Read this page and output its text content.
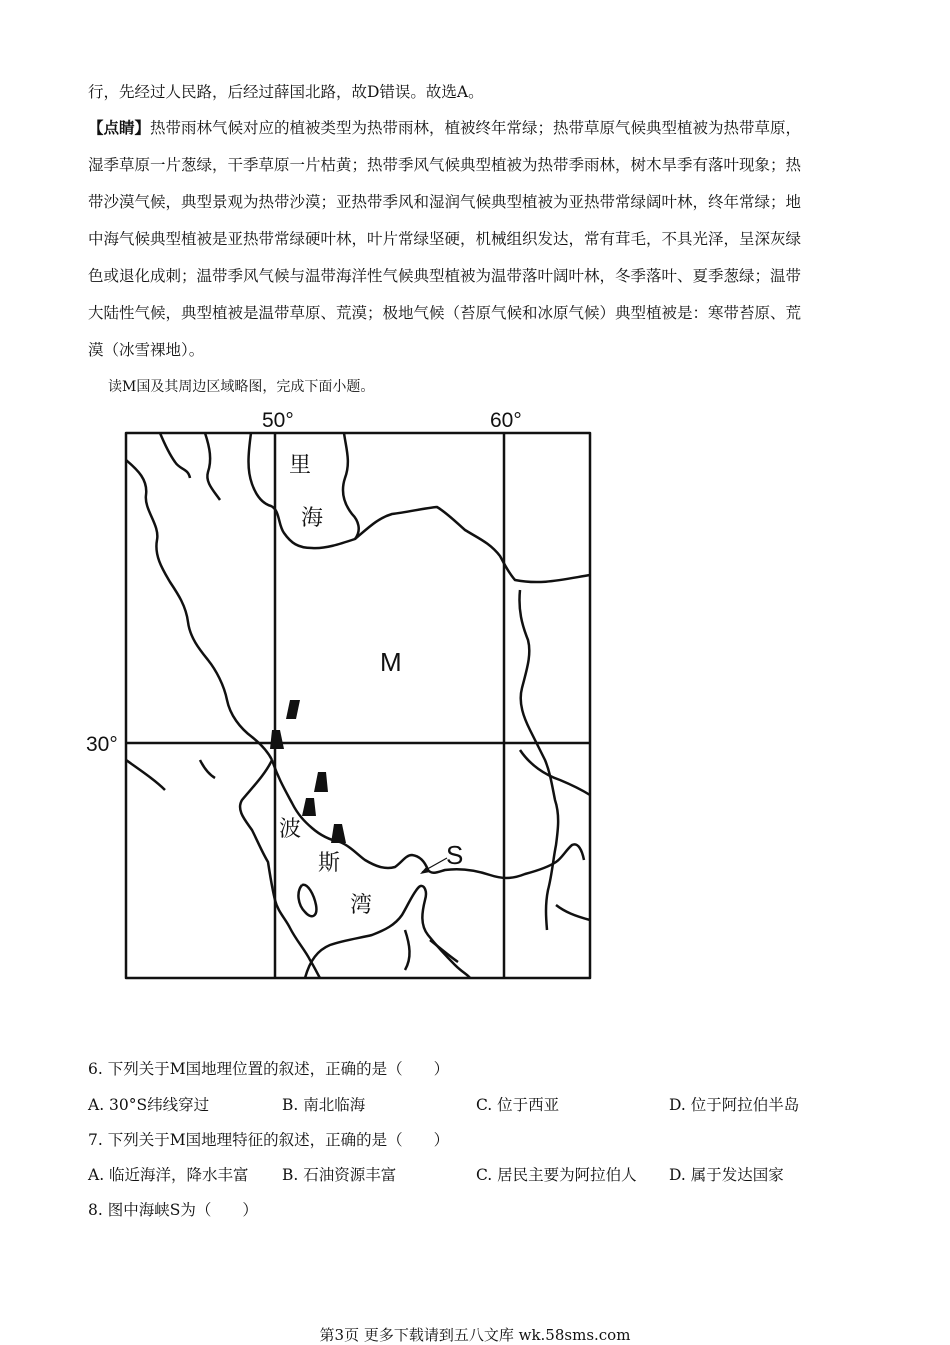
行，先经过人民路，后经过薛国北路，故D错误。故选A。
【点睛】热带雨林气候对应的植被类型为热带雨林，植被终年常绿；热带草原气候典型植被为热带草原，
湿季草原一片葱绿，干季草原一片枯黄；热带季风气候典型植被为热带季雨林，树木旱季有落叶现象；热
带沙漠气候，典型景观为热带沙漠；亚热带季风和湿润气候典型植被为亚热带常绿阔叶林，终年常绿；地
中海气候典型植被是亚热带常绿硬叶林，叶片常绿坚硬，机械组织发达，常有茸毛，不具光泽，呈深灰绿
色或退化成刺；温带季风气候与温带海洋性气候典型植被为温带落叶阔叶林，冬季落叶、夏季葱绿；温带
大陆性气候，典型植被是温带草原、荒漠；极地气候（苔原气候和冰原气候）典型植被是：寒带苔原、荒
漠（冰雪裸地）。
读M国及其周边区域略图，完成下面小题。
50°	60°
30°
里
海
M
波
斯
湾
S
6. 下列关于M国地理位置的叙述，正确的是（　　）
A. 30°S纬线穿过	B. 南北临海	C. 位于西亚	D. 位于阿拉伯半岛
7. 下列关于M国地理特征的叙述，正确的是（　　）
A. 临近海洋，降水丰富 B. 石油资源丰富	C. 居民主要为阿拉伯人 D. 属于发达国家
8. 图中海峡S为（　　）
第3页 更多下载请到五八文库 wk.58sms.com
